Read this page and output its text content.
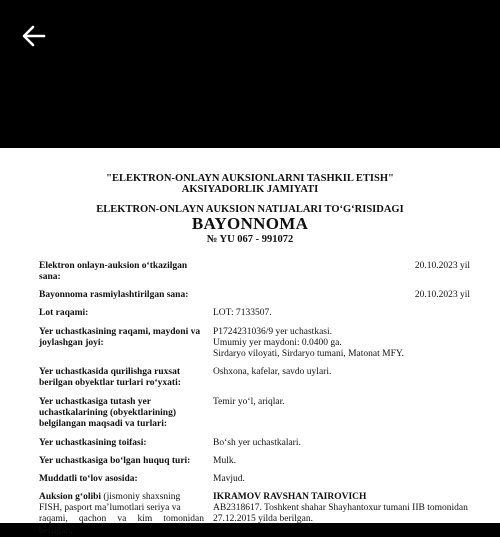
"ELEKTRON-ONLAYN AUKSIONLARNI TASHKIL ETISH"
AKSIYADORLIK JAMIYATI
ELEKTRON-ONLAYN AUKSION NATIJALARI TO‘G‘RISIDAGI
BAYONNOMA
№ YU 067 - 991072
Elektron onlayn-auksion o‘tkazilgan
sana:
20.10.2023 yil
Bayonnoma rasmiylashtirilgan sana:	20.10.2023 yil
Lot raqami:	LOT: 7133507.
Yer uchastkasining raqami, maydoni va
joylashgan joyi:
P1724231036/9 yer uchastkasi.
Umumiy yer maydoni: 0.0400 ga.
Sirdaryo viloyati, Sirdaryo tumani, Matonat MFY.
Yer uchastkasida qurilishga ruxsat
berilgan obyektlar turlari ro‘yxati:
Oshxona, kafelar, savdo uylari.
Yer uchastkasiga tutash yer
uchastkalarining (obyektlarining)
belgilangan maqsadi va turlari:
Temir yo‘l, ariqlar.
Yer uchastkasining toifasi:	Bo‘sh yer uchastkalari.
Yer uchastkasiga bo‘lgan huquq turi: Mulk.
Muddatli to‘lov asosida:	Mavjud.
Auksion g‘olibi (jismoniy shaxsning
FISH, pasport ma’lumotlari seriya va
raqami, qachon va kim tomonidan berilgan,
IKRAMOV RAVSHAN TAIROVICH
AB2318617. Toshkent shahar Shayhantoxur tumani IIB tomonidan
27.12.2015 yilda berilgan.
